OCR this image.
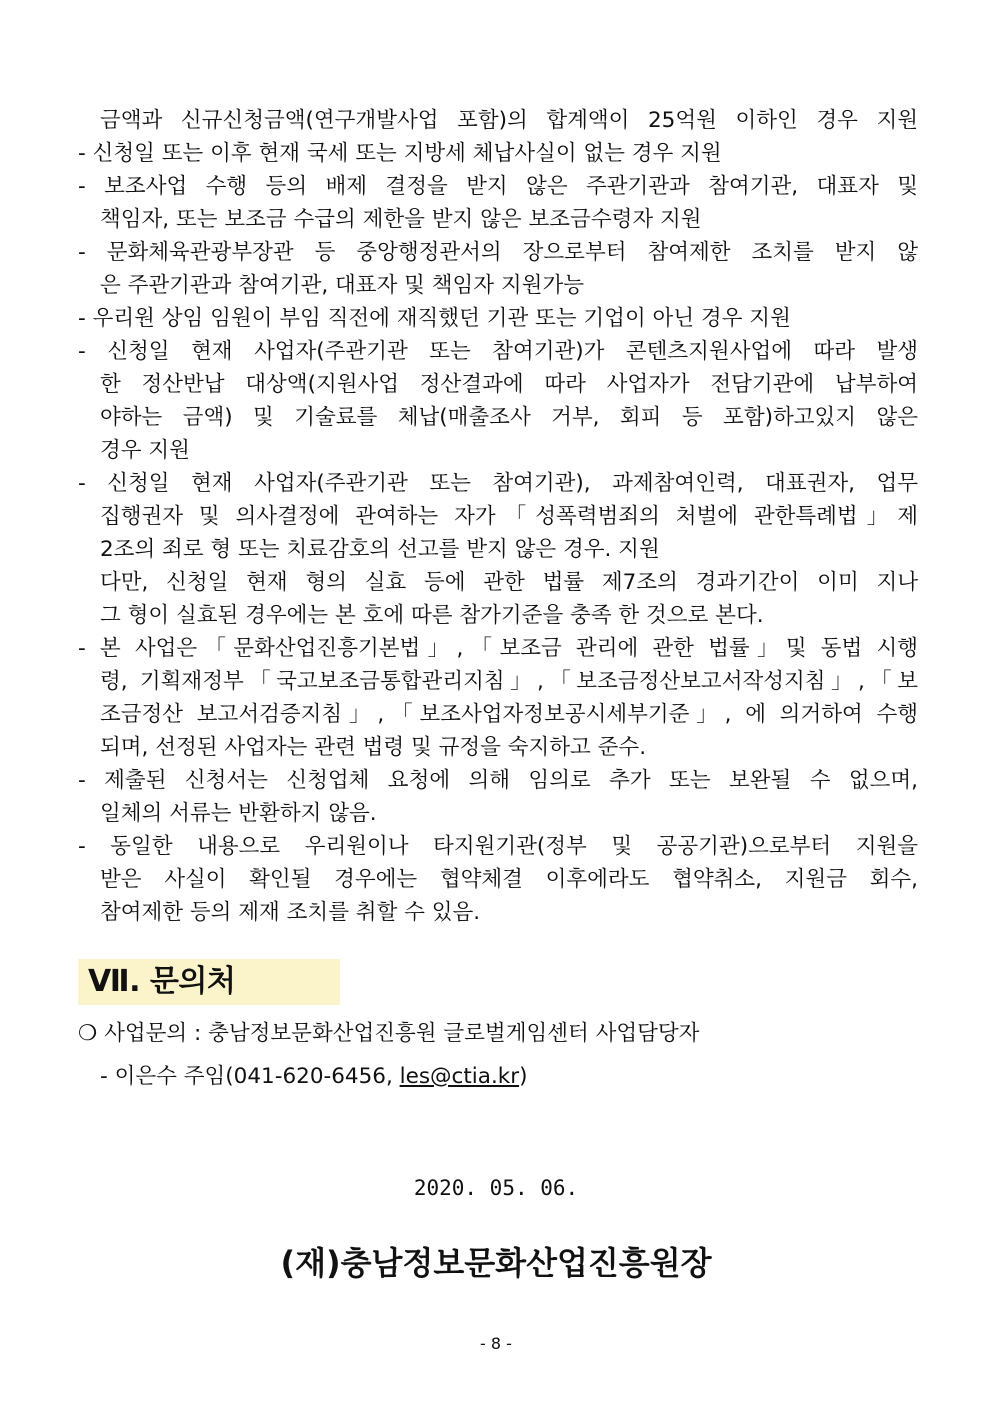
금액과 신규신청금액(연구개발사업 포함)의 합계액이 25억원 이하인 경우 지원
- 신청일 또는 이후 현재 국세 또는 지방세 체납사실이 없는 경우 지원
- 보조사업 수행 등의 배제 결정을 받지 않은 주관기관과 참여기관, 대표자 및
책임자, 또는 보조금 수급의 제한을 받지 않은 보조금수령자 지원
- 문화체육관광부장관 등 중앙행정관서의 장으로부터 참여제한 조치를 받지 않
은 주관기관과 참여기관, 대표자 및 책임자 지원가능
- 우리원 상임 임원이 부임 직전에 재직했던 기관 또는 기업이 아닌 경우 지원
- 신청일 현재 사업자(주관기관 또는 참여기관)가 콘텐츠지원사업에 따라 발생
한 정산반납 대상액(지원사업 정산결과에 따라 사업자가 전담기관에 납부하여
야하는 금액) 및 기술료를 체납(매출조사 거부, 회피 등 포함)하고있지 않은
경우 지원
- 신청일 현재 사업자(주관기관 또는 참여기관), 과제참여인력, 대표권자, 업무
집행권자 및 의사결정에 관여하는 자가「성폭력범죄의 처벌에 관한특례법」제
2조의 죄로 형 또는 치료감호의 선고를 받지 않은 경우. 지원
다만, 신청일 현재 형의 실효 등에 관한 법률 제7조의 경과기간이 이미 지나
그 형이 실효된 경우에는 본 호에 따른 참가기준을 충족 한 것으로 본다.
- 본 사업은「문화산업진흥기본법」,「보조금 관리에 관한 법률」및 동법 시행
령, 기획재정부「국고보조금통합관리지침」,「보조금정산보고서작성지침」,「보
조금정산 보고서검증지침」,「보조사업자정보공시세부기준」, 에 의거하여 수행
되며, 선정된 사업자는 관련 법령 및 규정을 숙지하고 준수.
- 제출된 신청서는 신청업체 요청에 의해 임의로 추가 또는 보완될 수 없으며,
일체의 서류는 반환하지 않음.
- 동일한 내용으로 우리원이나 타지원기관(정부 및 공공기관)으로부터 지원을
받은 사실이 확인될 경우에는 협약체결 이후에라도 협약취소, 지원금 회수,
참여제한 등의 제재 조치를 취할 수 있음.
Ⅶ. 문의처
❍ 사업문의 : 충남정보문화산업진흥원 글로벌게임센터 사업담당자
- 이은수 주임(041-620-6456, les@ctia.kr)
2020. 05. 06.
(재)충남정보문화산업진흥원장
- 8 -
